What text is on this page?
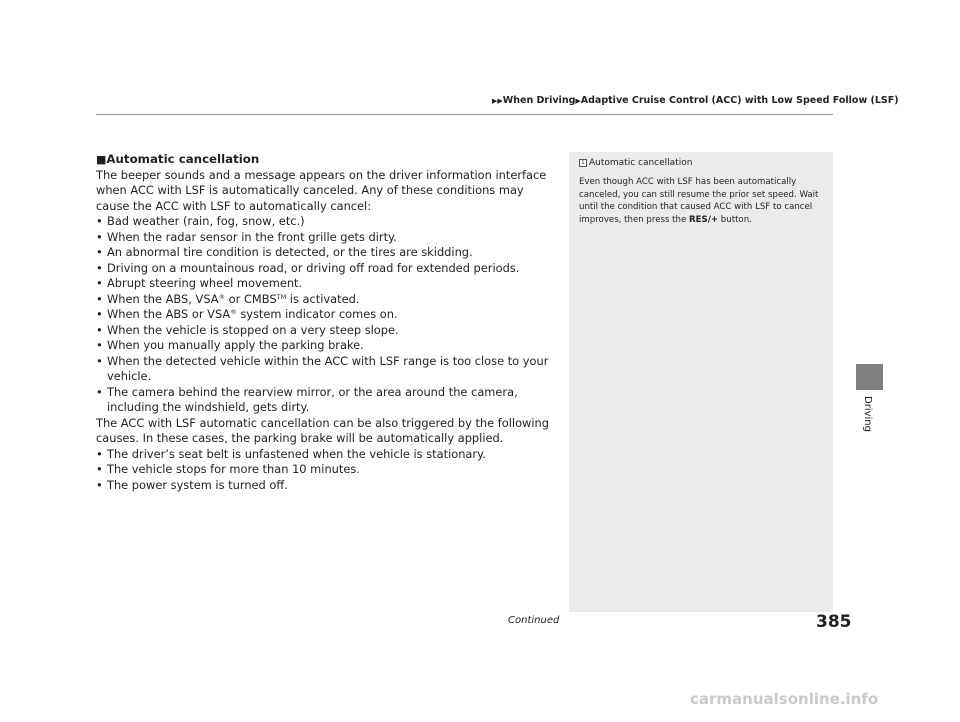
▶▶When Driving▶Adaptive Cruise Control (ACC) with Low Speed Follow (LSF)
■Automatic cancellation

The beeper sounds and a message appears on the driver information interface when ACC with LSF is automatically canceled. Any of these conditions may cause the ACC with LSF to automatically cancel:

• Bad weather (rain, fog, snow, etc.)
• When the radar sensor in the front grille gets dirty.
• An abnormal tire condition is detected, or the tires are skidding.
• Driving on a mountainous road, or driving off road for extended periods.
• Abrupt steering wheel movement.
• When the ABS, VSA® or CMBS™ is activated.
• When the ABS or VSA® system indicator comes on.
• When the vehicle is stopped on a very steep slope.
• When you manually apply the parking brake.
• When the detected vehicle within the ACC with LSF range is too close to your vehicle.
• The camera behind the rearview mirror, or the area around the camera, including the windshield, gets dirty.

The ACC with LSF automatic cancellation can be also triggered by the following causes. In these cases, the parking brake will be automatically applied.

• The driver’s seat belt is unfastened when the vehicle is stationary.
• The vehicle stops for more than 10 minutes.
• The power system is turned off.
1 Automatic cancellation
Even though ACC with LSF has been automatically canceled, you can still resume the prior set speed. Wait until the condition that caused ACC with LSF to cancel improves, then press the RES/+ button.
Driving
Continued	385
carmanualsonline.info
